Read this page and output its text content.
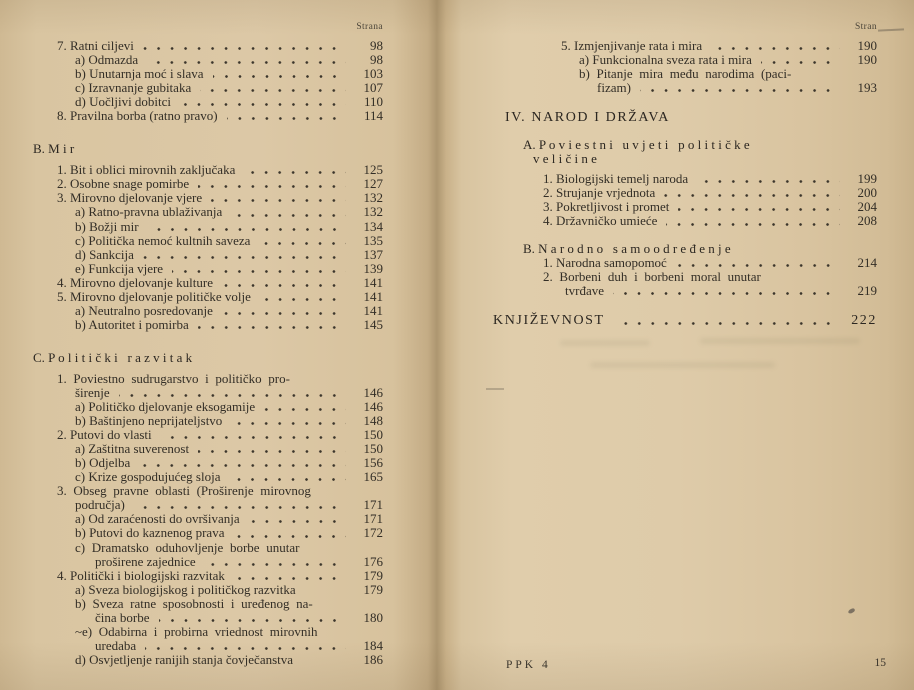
Strana
7. Ratni ciljevi	98
a) Odmazda	98
b) Unutarnja moć i slava	103
c) Izravnanje gubitaka	107
d) Uočljivi dobitci	110
8. Pravilna borba (ratno pravo)	114
B. M i r
1. Bit i oblici mirovnih zaključaka	125
2. Osobne snage pomirbe	127
3. Mirovno djelovanje vjere	132
a) Ratno-pravna ublaživanja	132
b) Božji mir	134
c) Politička nemoć kultnih saveza	135
d) Sankcija	137
e) Funkcija vjere	139
4. Mirovno djelovanje kulture	141
5. Mirovno djelovanje političke volje	141
a) Neutralno posredovanje	141
b) Autoritet i pomirba	145
C. P o l i t i č k i   r a z v i t a k
1. Poviestno sudrugarstvo i političko pro-
širenje	146
a) Političko djelovanje eksogamije	146
b) Baštinjeno neprijateljstvo	148
2. Putovi do vlasti	150
a) Zaštitna suverenost	150
b) Odjelba	156
c) Krize gospodujućeg sloja	165
3. Obseg pravne oblasti (Proširenje mirovnog
područja)	171
a) Od zaraćenosti do ovršivanja	171
b) Putovi do kaznenog prava	172
c) Dramatsko oduhovljenje borbe unutar
proširene zajednice	176
4. Politički i biologijski razvitak	179
a) Sveza biologijskog i političkog razvitka	179
b) Sveza ratne sposobnosti i uređenog na-
čina borbe	180
~e) Odabirna i probirna vriednost mirovnih
uredaba	184
d) Osvjetljenje ranijih stanja čovječanstva	186
Stran
5. Izmjenjivanje rata i mira	190
a) Funkcionalna sveza rata i mira	190
b) Pitanje mira među narodima (paci-
fizam)	193
IV. NAROD I DRŽAVA
A. P o v i e s t n i   u v j e t i   p o l i t i č k e
v e l i č i n e
1. Biologijski temelj naroda	199
2. Strujanje vrjednota	200
3. Pokretljivost i promet	204
4. Državničko umieće	208
B. N a r o d n o   s a m o o d r e đ e n j e
1. Narodna samopomoć	214
2. Borbeni duh i borbeni moral unutar
tvrđave	219
KNJIŽEVNOST	222
PPK 4	15
